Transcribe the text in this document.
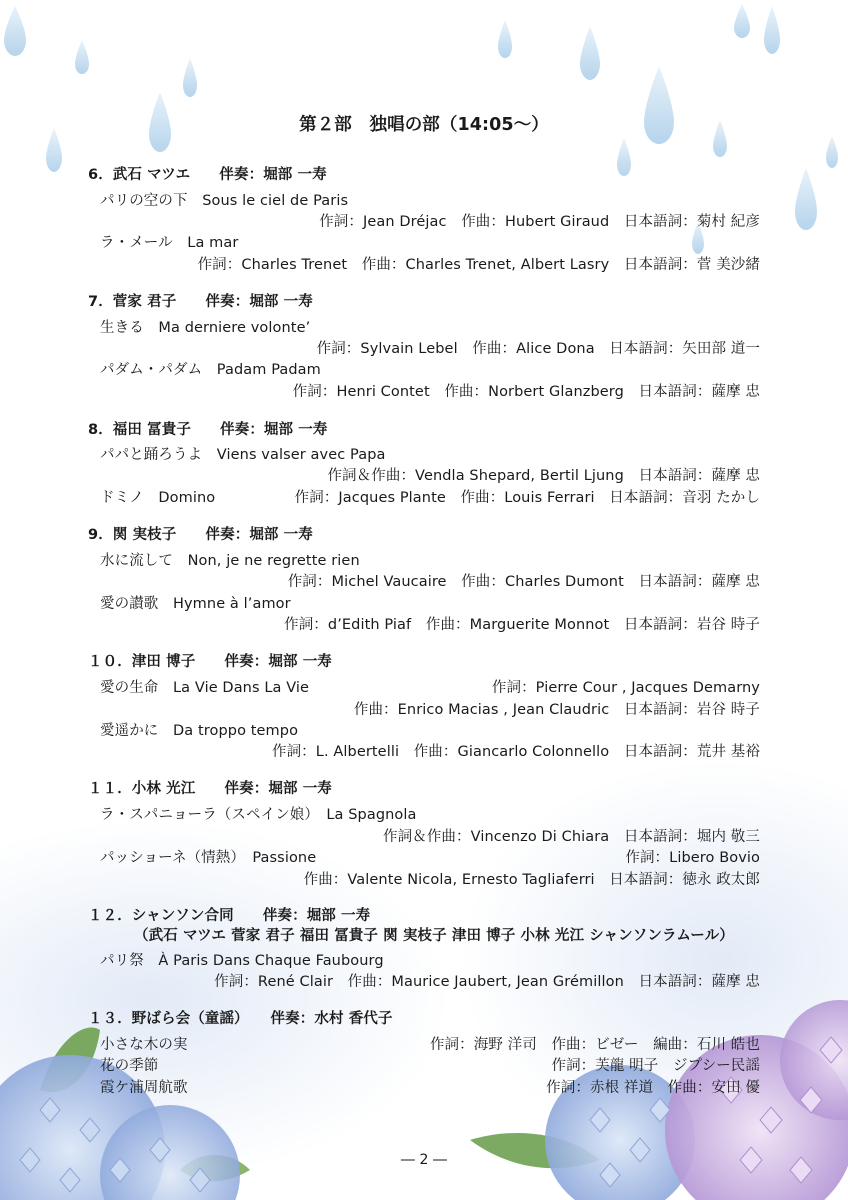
第２部　独唱の部（14:05〜）
6．武石 マツエ　　伴奏：堀部 一寿
パリの空の下　Sous le ciel de Paris
作詞：Jean Dréjac　作曲：Hubert Giraud　日本語詞：菊村 紀彦
ラ・メール　La mar
作詞：Charles Trenet　作曲：Charles Trenet, Albert Lasry　日本語詞：菅 美沙緒
7．菅家 君子　　伴奏：堀部 一寿
生きる　Ma derniere volonte’
作詞：Sylvain Lebel　作曲：Alice Dona　日本語詞：矢田部 道一
パダム・パダム　Padam Padam
作詞：Henri Contet　作曲：Norbert Glanzberg　日本語詞：薩摩 忠
8．福田 冨貴子　　伴奏：堀部 一寿
パパと踊ろうよ　Viens valser avec Papa
作詞＆作曲：Vendla Shepard, Bertil Ljung　日本語詞：薩摩 忠
ドミノ　Domino	作詞：Jacques Plante　作曲：Louis Ferrari　日本語詞：音羽 たかし
9．関 実枝子　　伴奏：堀部 一寿
水に流して　Non, je ne regrette rien
作詞：Michel Vaucaire　作曲：Charles Dumont　日本語詞：薩摩 忠
愛の讃歌　Hymne à l’amor
作詞：d’Edith Piaf　作曲：Marguerite Monnot　日本語詞：岩谷 時子
１０．津田 博子　　伴奏：堀部 一寿
愛の生命　La Vie Dans La Vie	作詞：Pierre Cour , Jacques Demarny
作曲：Enrico Macias , Jean Claudric　日本語詞：岩谷 時子
愛遥かに　Da troppo tempo
作詞：L. Albertelli　作曲：Giancarlo Colonnello　日本語詞：荒井 基裕
１１．小林 光江　　伴奏：堀部 一寿
ラ・スパニョーラ（スペイン娘）　La Spagnola
作詞＆作曲：Vincenzo Di Chiara　日本語詞：堀内 敬三
パッショーネ（情熱）　Passione	作詞：Libero Bovio
作曲：Valente Nicola, Ernesto Tagliaferri　日本語詞：徳永 政太郎
１２．シャンソン合同　　伴奏：堀部 一寿
（武石 マツエ 菅家 君子 福田 冨貴子 関 実枝子 津田 博子 小林 光江 シャンソンラムール）
パリ祭　À Paris Dans Chaque Faubourg
作詞：René Clair　作曲：Maurice Jaubert, Jean Grémillon　日本語詞：薩摩 忠
１３．野ばら会（童謡）　　伴奏：水村 香代子
小さな木の実	作詞：海野 洋司　作曲：ビゼー　編曲：石川 皓也
花の季節	作詞：芙龍 明子　ジプシー民謡
霞ケ浦周航歌	作詞：赤根 祥道　作曲：安田 優
― 2 ―
